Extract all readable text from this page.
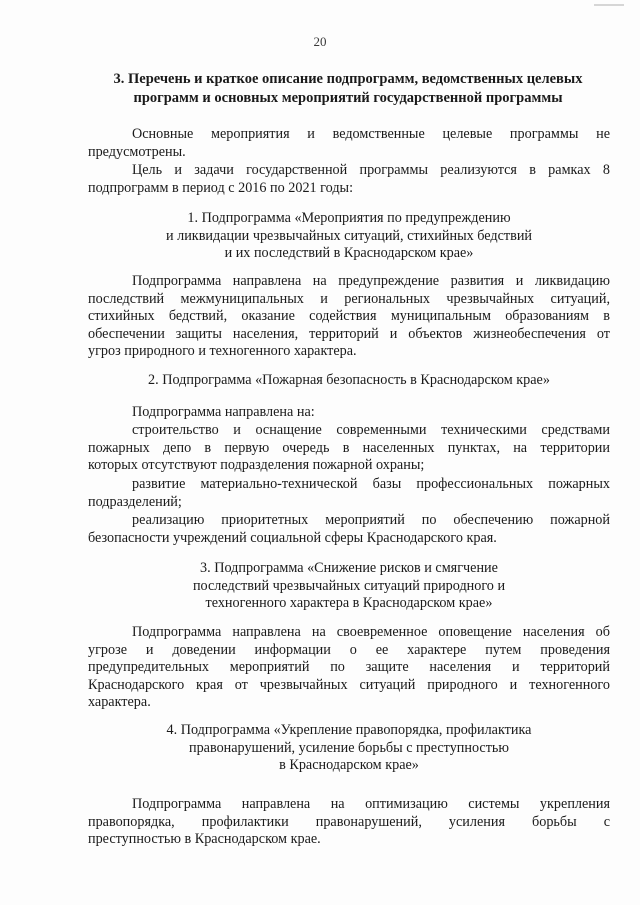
20
3. Перечень и краткое описание подпрограмм, ведомственных целевых
программ и основных мероприятий государственной программы
Основные мероприятия и ведомственные целевые программы не
предусмотрены.
Цель и задачи государственной программы реализуются в рамках 8
подпрограмм в период с 2016 по 2021 годы:
1. Подпрограмма «Мероприятия по предупреждению
и ликвидации чрезвычайных ситуаций, стихийных бедствий
и их последствий в Краснодарском крае»
Подпрограмма направлена на предупреждение развития и ликвидацию
последствий межмуниципальных и региональных чрезвычайных ситуаций,
стихийных бедствий, оказание содействия муниципальным образованиям в
обеспечении защиты населения, территорий и объектов жизнеобеспечения от
угроз природного и техногенного характера.
2. Подпрограмма «Пожарная безопасность в Краснодарском крае»
Подпрограмма направлена на:
строительство и оснащение современными техническими средствами
пожарных депо в первую очередь в населенных пунктах, на территории
которых отсутствуют подразделения пожарной охраны;
развитие материально-технической базы профессиональных пожарных
подразделений;
реализацию приоритетных мероприятий по обеспечению пожарной
безопасности учреждений социальной сферы Краснодарского края.
3. Подпрограмма «Снижение рисков и смягчение
последствий чрезвычайных ситуаций природного и
техногенного характера в Краснодарском крае»
Подпрограмма направлена на своевременное оповещение населения об
угрозе и доведении информации о ее характере путем проведения
предупредительных мероприятий по защите населения и территорий
Краснодарского края от чрезвычайных ситуаций природного и техногенного
характера.
4. Подпрограмма «Укрепление правопорядка, профилактика
правонарушений, усиление борьбы с преступностью
в Краснодарском крае»
Подпрограмма направлена на оптимизацию системы укрепления
правопорядка, профилактики правонарушений, усиления борьбы с
преступностью в Краснодарском крае.
